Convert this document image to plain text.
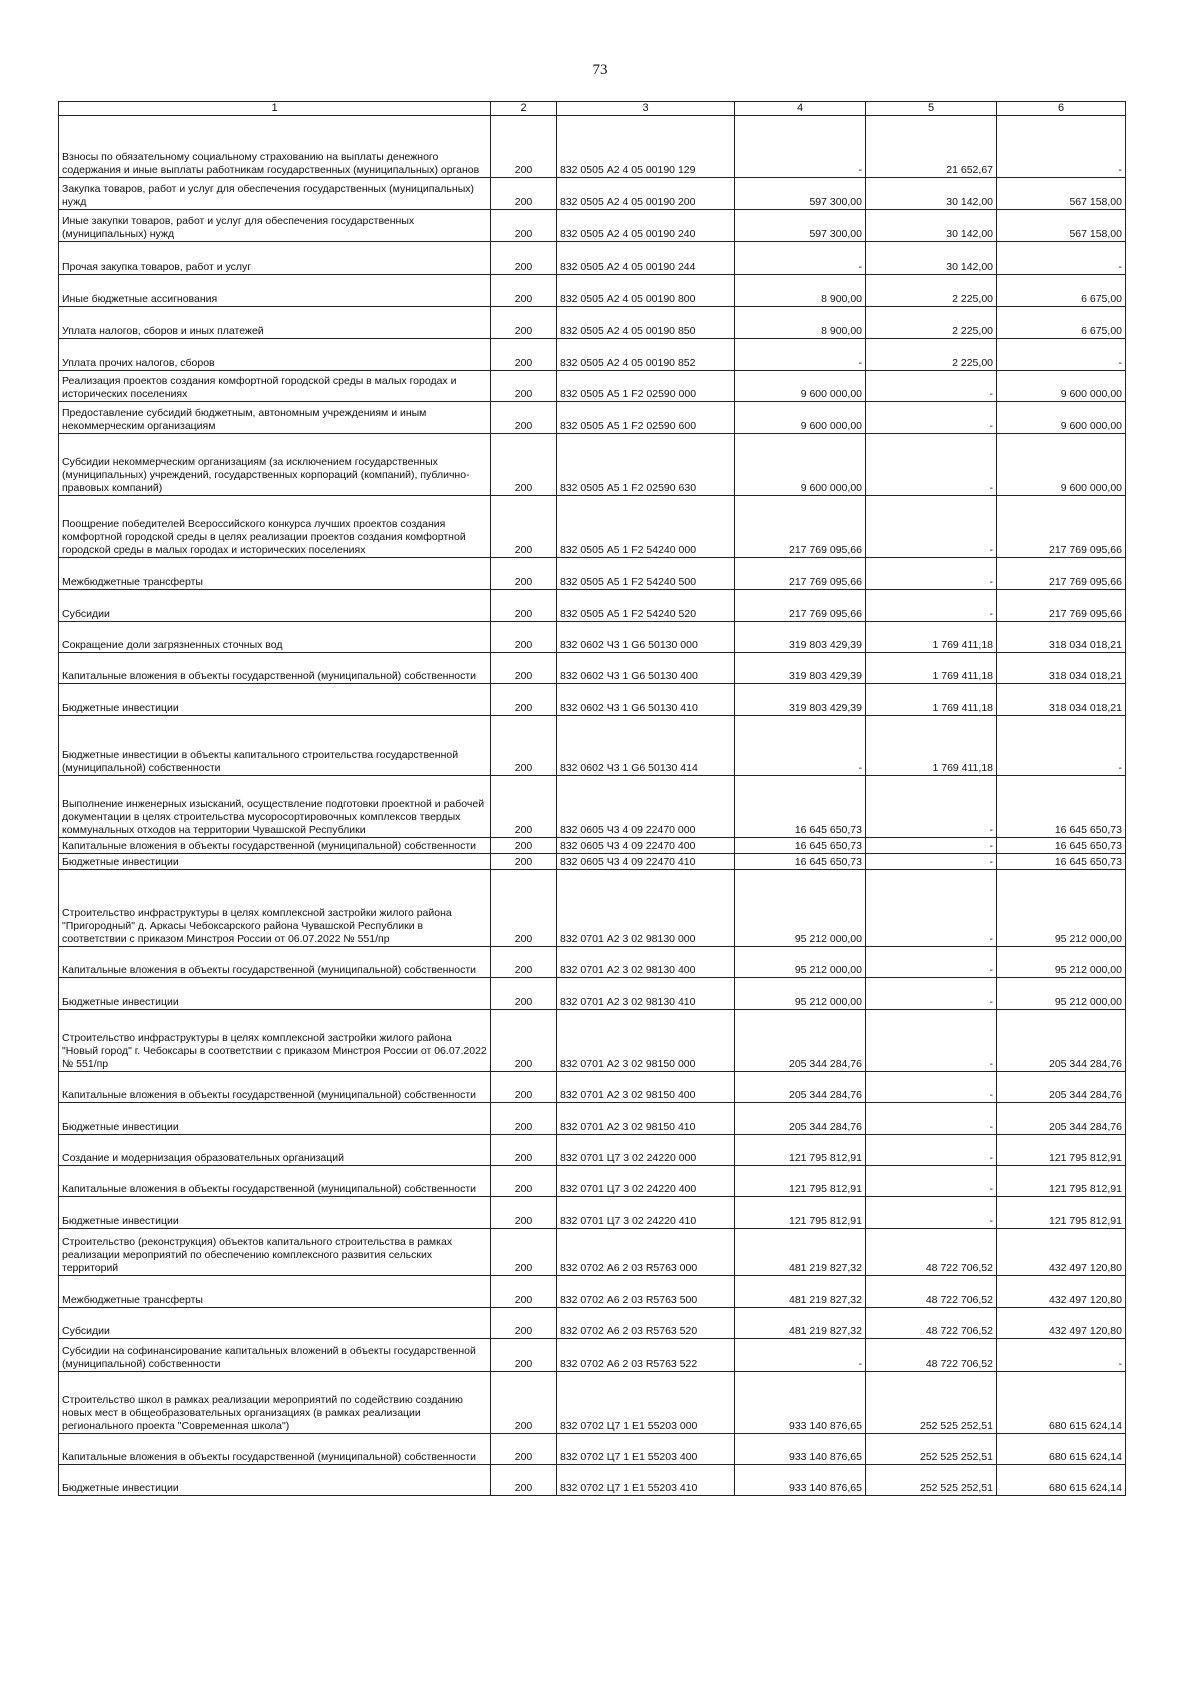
73
1	2	3	4	5	6
Взносы по обязательному социальному страхованию на выплаты денежного содержания и иные выплаты работникам государственных (муниципальных) органов	200	832 0505 А2 4 05 00190 129	-	21 652,67	-
Закупка товаров, работ и услуг для обеспечения государственных (муниципальных) нужд	200	832 0505 А2 4 05 00190 200	597 300,00	30 142,00	567 158,00
Иные закупки товаров, работ и услуг для обеспечения государственных (муниципальных) нужд	200	832 0505 А2 4 05 00190 240	597 300,00	30 142,00	567 158,00
Прочая закупка товаров, работ и услуг	200	832 0505 А2 4 05 00190 244	-	30 142,00	-
Иные бюджетные ассигнования	200	832 0505 А2 4 05 00190 800	8 900,00	2 225,00	6 675,00
Уплата налогов, сборов и иных платежей	200	832 0505 А2 4 05 00190 850	8 900,00	2 225,00	6 675,00
Уплата прочих налогов, сборов	200	832 0505 А2 4 05 00190 852	-	2 225,00	-
Реализация проектов создания комфортной городской среды в малых городах и исторических поселениях	200	832 0505 А5 1 F2 02590 000	9 600 000,00	-	9 600 000,00
Предоставление субсидий бюджетным, автономным учреждениям и иным некоммерческим организациям	200	832 0505 А5 1 F2 02590 600	9 600 000,00	-	9 600 000,00
Субсидии некоммерческим организациям (за исключением государственных (муниципальных) учреждений, государственных корпораций (компаний), публично-правовых компаний)	200	832 0505 А5 1 F2 02590 630	9 600 000,00	-	9 600 000,00
Поощрение победителей Всероссийского конкурса лучших проектов создания комфортной городской среды в целях реализации проектов создания комфортной городской среды в малых городах и исторических поселениях	200	832 0505 А5 1 F2 54240 000	217 769 095,66	-	217 769 095,66
Межбюджетные трансферты	200	832 0505 А5 1 F2 54240 500	217 769 095,66	-	217 769 095,66
Субсидии	200	832 0505 А5 1 F2 54240 520	217 769 095,66	-	217 769 095,66
Сокращение доли загрязненных сточных вод	200	832 0602 Ч3 1 G6 50130 000	319 803 429,39	1 769 411,18	318 034 018,21
Капитальные вложения в объекты государственной (муниципальной) собственности	200	832 0602 Ч3 1 G6 50130 400	319 803 429,39	1 769 411,18	318 034 018,21
Бюджетные инвестиции	200	832 0602 Ч3 1 G6 50130 410	319 803 429,39	1 769 411,18	318 034 018,21
Бюджетные инвестиции в объекты капитального строительства государственной (муниципальной) собственности	200	832 0602 Ч3 1 G6 50130 414	-	1 769 411,18	-
Выполнение инженерных изысканий, осуществление подготовки проектной и рабочей документации в целях строительства мусоросортировочных комплексов твердых коммунальных отходов на территории Чувашской Республики	200	832 0605 Ч3 4 09 22470 000	16 645 650,73	-	16 645 650,73
Капитальные вложения в объекты государственной (муниципальной) собственности	200	832 0605 Ч3 4 09 22470 400	16 645 650,73	-	16 645 650,73
Бюджетные инвестиции	200	832 0605 Ч3 4 09 22470 410	16 645 650,73	-	16 645 650,73
Строительство инфраструктуры в целях комплексной застройки жилого района "Пригородный" д. Аркасы Чебоксарского района Чувашской Республики в соответствии с приказом Минстроя России от 06.07.2022 № 551/пр	200	832 0701 А2 3 02 98130 000	95 212 000,00	-	95 212 000,00
Капитальные вложения в объекты государственной (муниципальной) собственности	200	832 0701 А2 3 02 98130 400	95 212 000,00	-	95 212 000,00
Бюджетные инвестиции	200	832 0701 А2 3 02 98130 410	95 212 000,00	-	95 212 000,00
Строительство инфраструктуры в целях комплексной застройки жилого района "Новый город" г. Чебоксары в соответствии с приказом Минстроя России от 06.07.2022 № 551/пр	200	832 0701 А2 3 02 98150 000	205 344 284,76	-	205 344 284,76
Капитальные вложения в объекты государственной (муниципальной) собственности	200	832 0701 А2 3 02 98150 400	205 344 284,76	-	205 344 284,76
Бюджетные инвестиции	200	832 0701 А2 3 02 98150 410	205 344 284,76	-	205 344 284,76
Создание и модернизация образовательных организаций	200	832 0701 Ц7 3 02 24220 000	121 795 812,91	-	121 795 812,91
Капитальные вложения в объекты государственной (муниципальной) собственности	200	832 0701 Ц7 3 02 24220 400	121 795 812,91	-	121 795 812,91
Бюджетные инвестиции	200	832 0701 Ц7 3 02 24220 410	121 795 812,91	-	121 795 812,91
Строительство (реконструкция) объектов капитального строительства в рамках реализации мероприятий по обеспечению комплексного развития сельских территорий	200	832 0702 А6 2 03 R5763 000	481 219 827,32	48 722 706,52	432 497 120,80
Межбюджетные трансферты	200	832 0702 А6 2 03 R5763 500	481 219 827,32	48 722 706,52	432 497 120,80
Субсидии	200	832 0702 А6 2 03 R5763 520	481 219 827,32	48 722 706,52	432 497 120,80
Субсидии на софинансирование капитальных вложений в объекты государственной (муниципальной) собственности	200	832 0702 А6 2 03 R5763 522	-	48 722 706,52	-
Строительство школ в рамках реализации мероприятий по содействию созданию новых мест в общеобразовательных организациях (в рамках реализации регионального проекта "Современная школа")	200	832 0702 Ц7 1 E1 55203 000	933 140 876,65	252 525 252,51	680 615 624,14
Капитальные вложения в объекты государственной (муниципальной) собственности	200	832 0702 Ц7 1 E1 55203 400	933 140 876,65	252 525 252,51	680 615 624,14
Бюджетные инвестиции	200	832 0702 Ц7 1 E1 55203 410	933 140 876,65	252 525 252,51	680 615 624,14
